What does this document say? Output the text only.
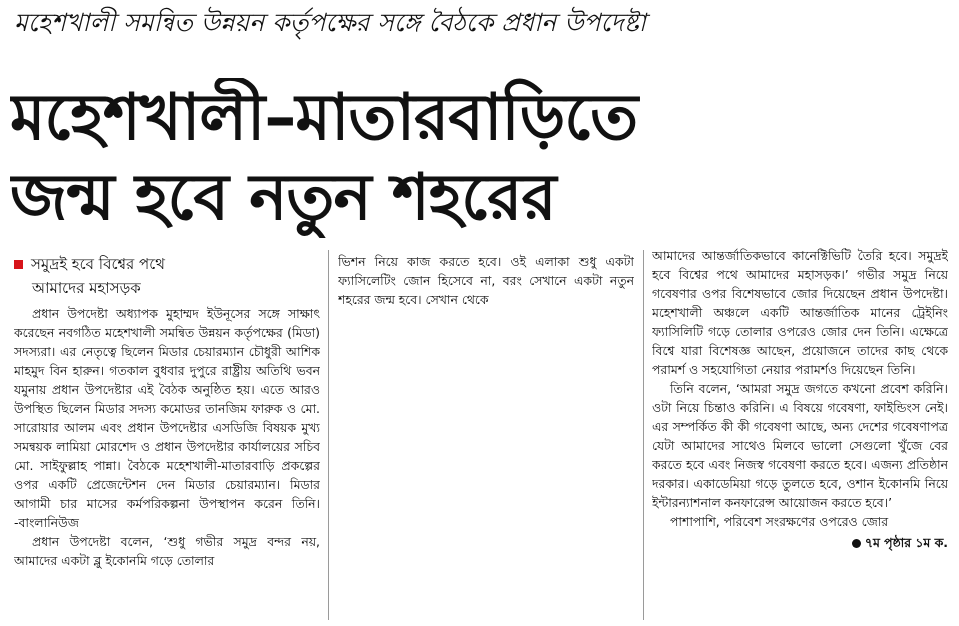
মহেশখালী সমন্বিত উন্নয়ন কর্তৃপক্ষের সঙ্গে বৈঠকে প্রধান উপদেষ্টা
মহেশখালী–মাতারবাড়িতে
জন্ম হবে নতুন শহরের
সমুদ্রই হবে বিশ্বের পথে
আমাদের মহাসড়ক

প্রধান উপদেষ্টা অধ্যাপক মুহাম্মদ ইউনূসের সঙ্গে সাক্ষাৎ করেছেন নবগঠিত মহেশখালী সমন্বিত উন্নয়ন কর্তৃপক্ষের (মিডা) সদস্যরা। এর নেতৃত্বে ছিলেন মিডার চেয়ারম্যান চৌধুরী আশিক মাহমুদ বিন হারুন। গতকাল বুধবার দুপুরে রাষ্ট্রীয় অতিথি ভবন যমুনায় প্রধান উপদেষ্টার এই বৈঠক অনুষ্ঠিত হয়। এতে আরও উপস্থিত ছিলেন মিডার সদস্য কমোডর তানজিম ফারুক ও মো. সারোয়ার আলম এবং প্রধান উপদেষ্টার এসডিজি বিষয়ক মুখ্য সমন্বয়ক লামিয়া মোরশেদ ও প্রধান উপদেষ্টার কার্যালয়ের সচিব মো. সাইফুল্লাহ পান্না। বৈঠকে মহেশখালী-মাতারবাড়ি প্রকল্পের ওপর একটি প্রেজেন্টেশন দেন মিডার চেয়ারম্যান। মিডার আগামী চার মাসের কর্মপরিকল্পনা উপস্থাপন করেন তিনি। -বাংলানিউজ

প্রধান উপদেষ্টা বলেন, ‘শুধু গভীর সমুদ্র বন্দর নয়, আমাদের একটা ব্লু ইকোনমি গড়ে তোলার

ভিশন নিয়ে কাজ করতে হবে। ওই এলাকা শুধু একটা ফ্যাসিলেটিং জোন হিসেবে না, বরং সেখানে একটা নতুন শহরের জন্ম হবে। সেখান থেকে

আমাদের আন্তর্জাতিকভাবে কানেক্টিভিটি তৈরি হবে। সমুদ্রই হবে বিশ্বের পথে আমাদের মহাসড়ক।’ গভীর সমুদ্র নিয়ে গবেষণার ওপর বিশেষভাবে জোর দিয়েছেন প্রধান উপদেষ্টা। মহেশখালী অঞ্চলে একটি আন্তর্জাতিক মানের ট্রেইনিং ফ্যাসিলিটি গড়ে তোলার ওপরেও জোর দেন তিনি। এক্ষেত্রে বিশ্বে যারা বিশেষজ্ঞ আছেন, প্রয়োজনে তাদের কাছ থেকে পরামর্শ ও সহযোগিতা নেয়ার পরামর্শও দিয়েছেন তিনি।

তিনি বলেন, ‘আমরা সমুদ্র জগতে কখনো প্রবেশ করিনি। ওটা নিয়ে চিন্তাও করিনি। এ বিষয়ে গবেষণা, ফাইন্ডিংস নেই। এর সম্পর্কিত কী কী গবেষণা আছে, অন্য দেশের গবেষণাপত্র যেটা আমাদের সাথেও মিলবে ভালো সেগুলো খুঁজে বের করতে হবে এবং নিজস্ব গবেষণা করতে হবে। এজন্য প্রতিষ্ঠান দরকার। একাডেমিয়া গড়ে তুলতে হবে, ওশান ইকোনমি নিয়ে ইন্টারন্যাশনাল কনফারেন্স আয়োজন করতে হবে।’

পাশাপাশি, পরিবেশ সংরক্ষণের ওপরেও জোর

৭ম পৃষ্ঠার ১ম ক.
